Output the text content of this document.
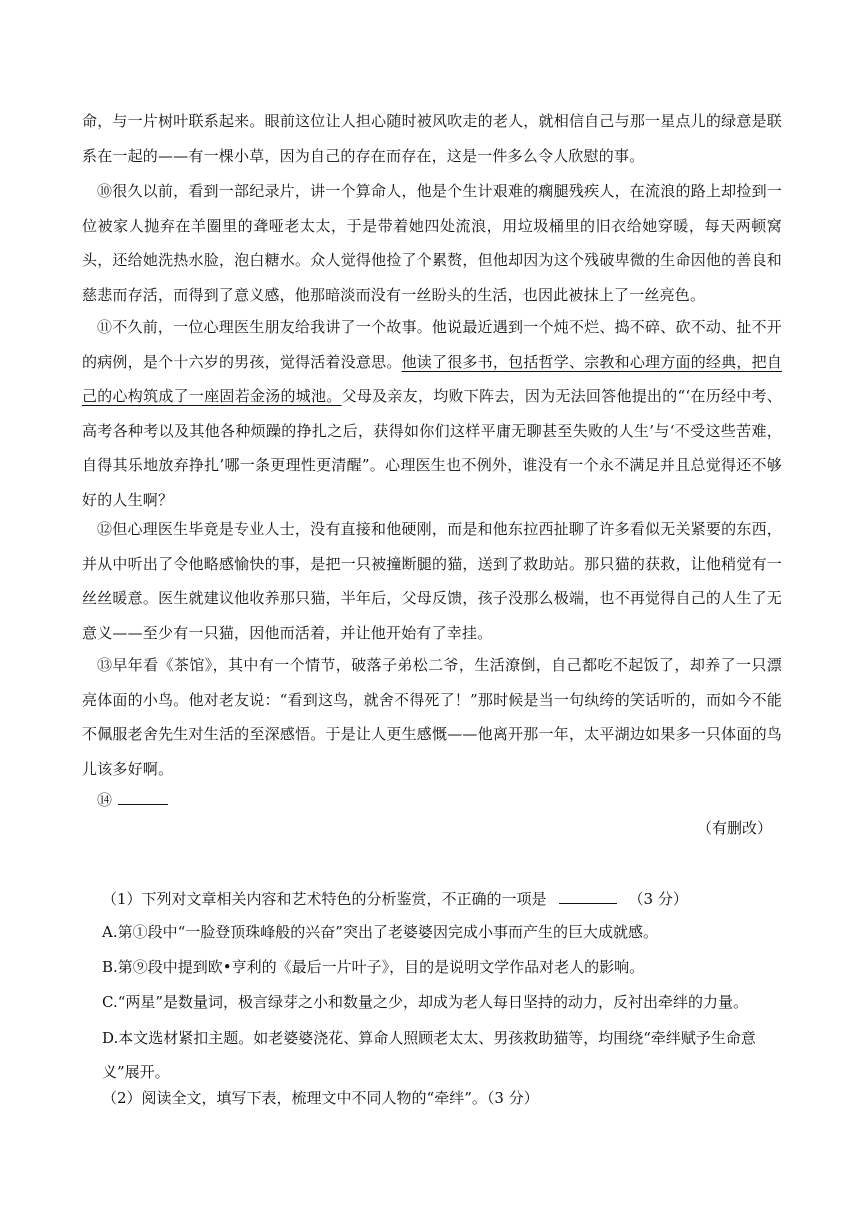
命，与一片树叶联系起来。眼前这位让人担心随时被风吹走的老人，就相信自己与那一星点儿的绿意是联系在一起的——有一棵小草，因为自己的存在而存在，这是一件多么令人欣慰的事。

⑩很久以前，看到一部纪录片，讲一个算命人，他是个生计艰难的瘸腿残疾人，在流浪的路上却捡到一位被家人抛弃在羊圈里的聋哑老太太，于是带着她四处流浪，用垃圾桶里的旧衣给她穿暖，每天两顿窝头，还给她洗热水脸，泡白糖水。众人觉得他捡了个累赘，但他却因为这个残破卑微的生命因他的善良和慈悲而存活，而得到了意义感，他那暗淡而没有一丝盼头的生活，也因此被抹上了一丝亮色。

⑪不久前，一位心理医生朋友给我讲了一个故事。他说最近遇到一个炖不烂、捣不碎、砍不动、扯不开的病例，是个十六岁的男孩，觉得活着没意思。他读了很多书，包括哲学、宗教和心理方面的经典，把自己的心构筑成了一座固若金汤的城池。父母及亲友，均败下阵去，因为无法回答他提出的“‘在历经中考、高考各种考以及其他各种烦躁的挣扎之后，获得如你们这样平庸无聊甚至失败的人生’与‘不受这些苦难，自得其乐地放弃挣扎’哪一条更理性更清醒”。心理医生也不例外，谁没有一个永不满足并且总觉得还不够好的人生啊？

⑫但心理医生毕竟是专业人士，没有直接和他硬刚，而是和他东拉西扯聊了许多看似无关紧要的东西，并从中听出了令他略感愉快的事，是把一只被撞断腿的猫，送到了救助站。那只猫的获救，让他稍觉有一丝丝暖意。医生就建议他收养那只猫，半年后，父母反馈，孩子没那么极端，也不再觉得自己的人生了无意义——至少有一只猫，因他而活着，并让他开始有了幸挂。

⑬早年看《茶馆》，其中有一个情节，破落子弟松二爷，生活潦倒，自己都吃不起饭了，却养了一只漂亮体面的小鸟。他对老友说：“看到这鸟，就舍不得死了！”那时候是当一句纨绔的笑话听的，而如今不能不佩服老舍先生对生活的至深感悟。于是让人更生感慨——他离开那一年，太平湖边如果多一只体面的鸟儿该多好啊。

⑭

（有删改）

（1）下列对文章相关内容和艺术特色的分析鉴赏，不正确的一项是	（3 分）

A.第①段中“一脸登顶珠峰般的兴奋”突出了老婆婆因完成小事而产生的巨大成就感。

B.第⑨段中提到欧•亨利的《最后一片叶子》，目的是说明文学作品对老人的影响。

C.“两星”是数量词，极言绿芽之小和数量之少，却成为老人每日坚持的动力，反衬出牵绊的力量。

D.本文选材紧扣主题。如老婆婆浇花、算命人照顾老太太、男孩救助猫等，均围绕“牵绊赋予生命意义”展开。

（2）阅读全文，填写下表，梳理文中不同人物的“牵绊”。（3 分）
